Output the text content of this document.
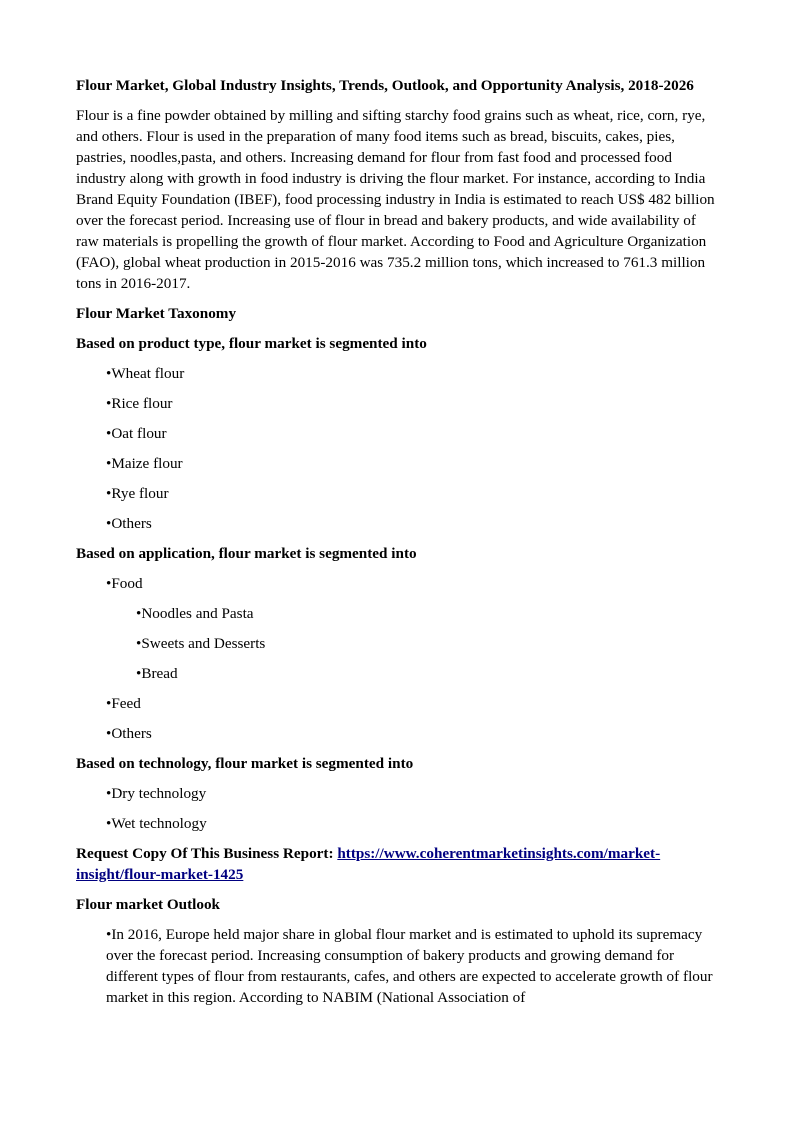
Flour Market, Global Industry Insights, Trends, Outlook, and Opportunity Analysis, 2018-2026
Flour is a fine powder obtained by milling and sifting starchy food grains such as wheat, rice, corn, rye, and others. Flour is used in the preparation of many food items such as bread, biscuits, cakes, pies, pastries, noodles,pasta, and others. Increasing demand for flour from fast food and processed food industry along with growth in food industry is driving the flour market. For instance, according to India Brand Equity Foundation (IBEF), food processing industry in India is estimated to reach US$ 482 billion over the forecast period. Increasing use of flour in bread and bakery products, and wide availability of raw materials is propelling the growth of flour market. According to Food and Agriculture Organization (FAO), global wheat production in 2015-2016 was 735.2 million tons, which increased to 761.3 million tons in 2016-2017.
Flour Market Taxonomy
Based on product type, flour market is segmented into
•Wheat flour
•Rice flour
•Oat flour
•Maize flour
•Rye flour
•Others
Based on application, flour market is segmented into
•Food
•Noodles and Pasta
•Sweets and Desserts
•Bread
•Feed
•Others
Based on technology, flour market is segmented into
•Dry technology
•Wet technology
Request Copy Of This Business Report: https://www.coherentmarketinsights.com/market-insight/flour-market-1425
Flour market Outlook
•In 2016, Europe held major share in global flour market and is estimated to uphold its supremacy over the forecast period. Increasing consumption of bakery products and growing demand for different types of flour from restaurants, cafes, and others are expected to accelerate growth of flour market in this region. According to NABIM (National Association of
